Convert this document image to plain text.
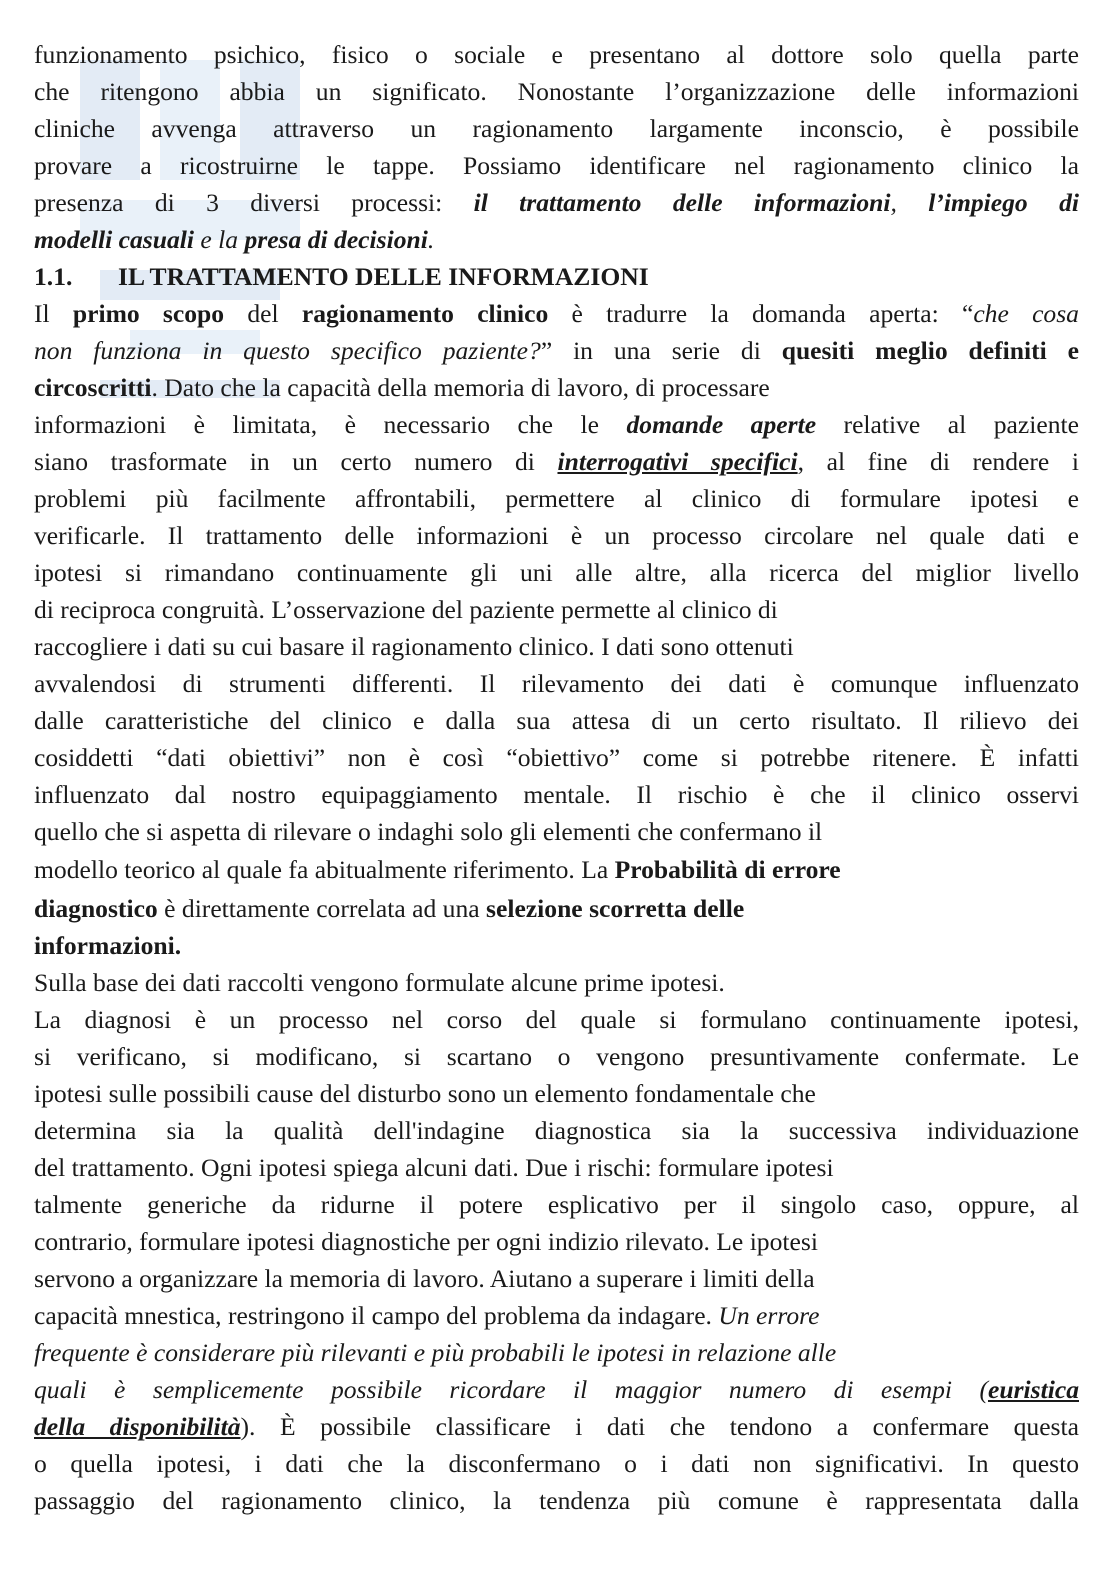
funzionamento psichico, fisico o sociale e presentano al dottore solo quella parte
che ritengono abbia un significato. Nonostante l’organizzazione delle informazioni
cliniche avvenga attraverso un ragionamento largamente inconscio, è possibile
provare a ricostruirne le tappe. Possiamo identificare nel ragionamento clinico la
presenza di 3 diversi processi: il trattamento delle informazioni, l’impiego di
modelli casuali e la presa di decisioni.
1.1. IL TRATTAMENTO DELLE INFORMAZIONI
Il primo scopo del ragionamento clinico è tradurre la domanda aperta: “che cosa
non funziona in questo specifico paziente?” in una serie di quesiti meglio definiti e
circoscritti. Dato che la capacità della memoria di lavoro, di processare
informazioni è limitata, è necessario che le domande aperte relative al paziente
siano trasformate in un certo numero di interrogativi specifici, al fine di rendere i
problemi più facilmente affrontabili, permettere al clinico di formulare ipotesi e
verificarle. Il trattamento delle informazioni è un processo circolare nel quale dati e
ipotesi si rimandano continuamente gli uni alle altre, alla ricerca del miglior livello
di reciproca congruità. L’osservazione del paziente permette al clinico di
raccogliere i dati su cui basare il ragionamento clinico. I dati sono ottenuti
avvalendosi di strumenti differenti. Il rilevamento dei dati è comunque influenzato
dalle caratteristiche del clinico e dalla sua attesa di un certo risultato. Il rilievo dei
cosiddetti “dati obiettivi” non è così “obiettivo” come si potrebbe ritenere. È infatti
influenzato dal nostro equipaggiamento mentale. Il rischio è che il clinico osservi
quello che si aspetta di rilevare o indaghi solo gli elementi che confermano il
modello teorico al quale fa abitualmente riferimento. La Probabilità di errore
diagnostico è direttamente correlata ad una selezione scorretta delle
informazioni.
Sulla base dei dati raccolti vengono formulate alcune prime ipotesi.
La diagnosi è un processo nel corso del quale si formulano continuamente ipotesi,
si verificano, si modificano, si scartano o vengono presuntivamente confermate. Le
ipotesi sulle possibili cause del disturbo sono un elemento fondamentale che
determina sia la qualità dell'indagine diagnostica sia la successiva individuazione
del trattamento. Ogni ipotesi spiega alcuni dati. Due i rischi: formulare ipotesi
talmente generiche da ridurne il potere esplicativo per il singolo caso, oppure, al
contrario, formulare ipotesi diagnostiche per ogni indizio rilevato. Le ipotesi
servono a organizzare la memoria di lavoro. Aiutano a superare i limiti della
capacità mnestica, restringono il campo del problema da indagare. Un errore
frequente è considerare più rilevanti e più probabili le ipotesi in relazione alle
quali è semplicemente possibile ricordare il maggior numero di esempi (euristica
della disponibilità). È possibile classificare i dati che tendono a confermare questa
o quella ipotesi, i dati che la disconfermano o i dati non significativi. In questo
passaggio del ragionamento clinico, la tendenza più comune è rappresentata dalla
